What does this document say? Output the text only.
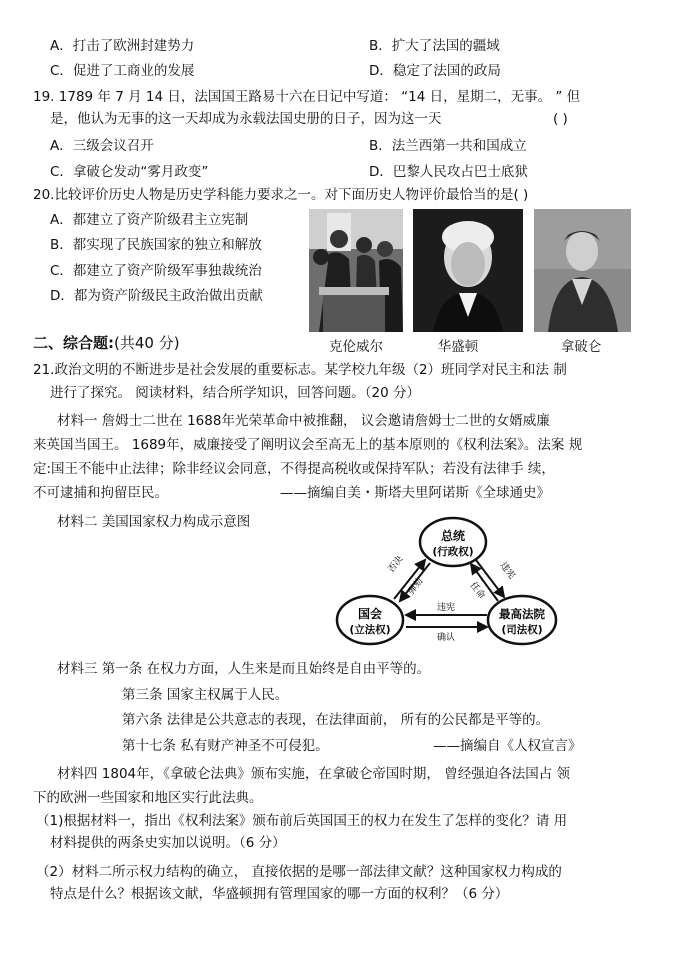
A．打击了欧洲封建势力	B．扩大了法国的疆域
C．促进了工商业的发展	D．稳定了法国的政局
19. 1789 年 7 月 14 日，法国国王路易十六在日记中写道： “14 日，星期二，无事。 ” 但
是，他认为无事的这一天却成为永载法国史册的日子，因为这一天	( )
A．三级会议召开	B．法兰西第一共和国成立
C．拿破仑发动“雾月政变”	D．巴黎人民攻占巴士底狱
20.比较评价历史人物是历史学科能力要求之一。对下面历史人物评价最恰当的是( )
A．都建立了资产阶级君主立宪制
B．都实现了民族国家的独立和解放
C．都建立了资产阶级军事独裁统治
D．都为资产阶级民主政治做出贡献
克伦威尔	华盛顿	拿破仑
二、综合题:(共40 分)
21.政治文明的不断进步是社会发展的重要标志。某学校九年级（2）班同学对民主和法 制
进行了探究。 阅读材料，结合所学知识，回答问题。（20 分）
材料一 詹姆士二世在 1688年光荣革命中被推翻， 议会邀请詹姆士二世的女婿威廉
来英国当国王。 1689年，威廉接受了阐明议会至高无上的基本原则的《权利法案》。法案 规
定:国王不能中止法律；除非经议会同意，不得提高税收或保持军队；若没有法律手 续，
不可逮捕和拘留臣民。	——摘编自美・斯塔夫里阿诺斯《全球通史》
材料二 美国国家权力构成示意图
总统
(行政权)
国会
(立法权)
最高法院
(司法权)
否决
弹劾	任命
违宪
违宪
确认
材料三 第一条 在权力方面，人生来是而且始终是自由平等的。
第三条 国家主权属于人民。
第六条 法律是公共意志的表现，在法律面前， 所有的公民都是平等的。
第十七条 私有财产神圣不可侵犯。	——摘编自《人权宣言》
材料四 1804年，《拿破仑法典》颁布实施，在拿破仑帝国时期， 曾经强迫各法国占 领
下的欧洲一些国家和地区实行此法典。
（1)根据材料一，指出《权利法案》颁布前后英国国王的权力在发生了怎样的变化？请 用
材料提供的两条史实加以说明。（6 分）
（2）材料二所示权力结构的确立， 直接依据的是哪一部法律文献？这种国家权力构成的
特点是什么？根据该文献，华盛顿拥有管理国家的哪一方面的权利？（6 分）
